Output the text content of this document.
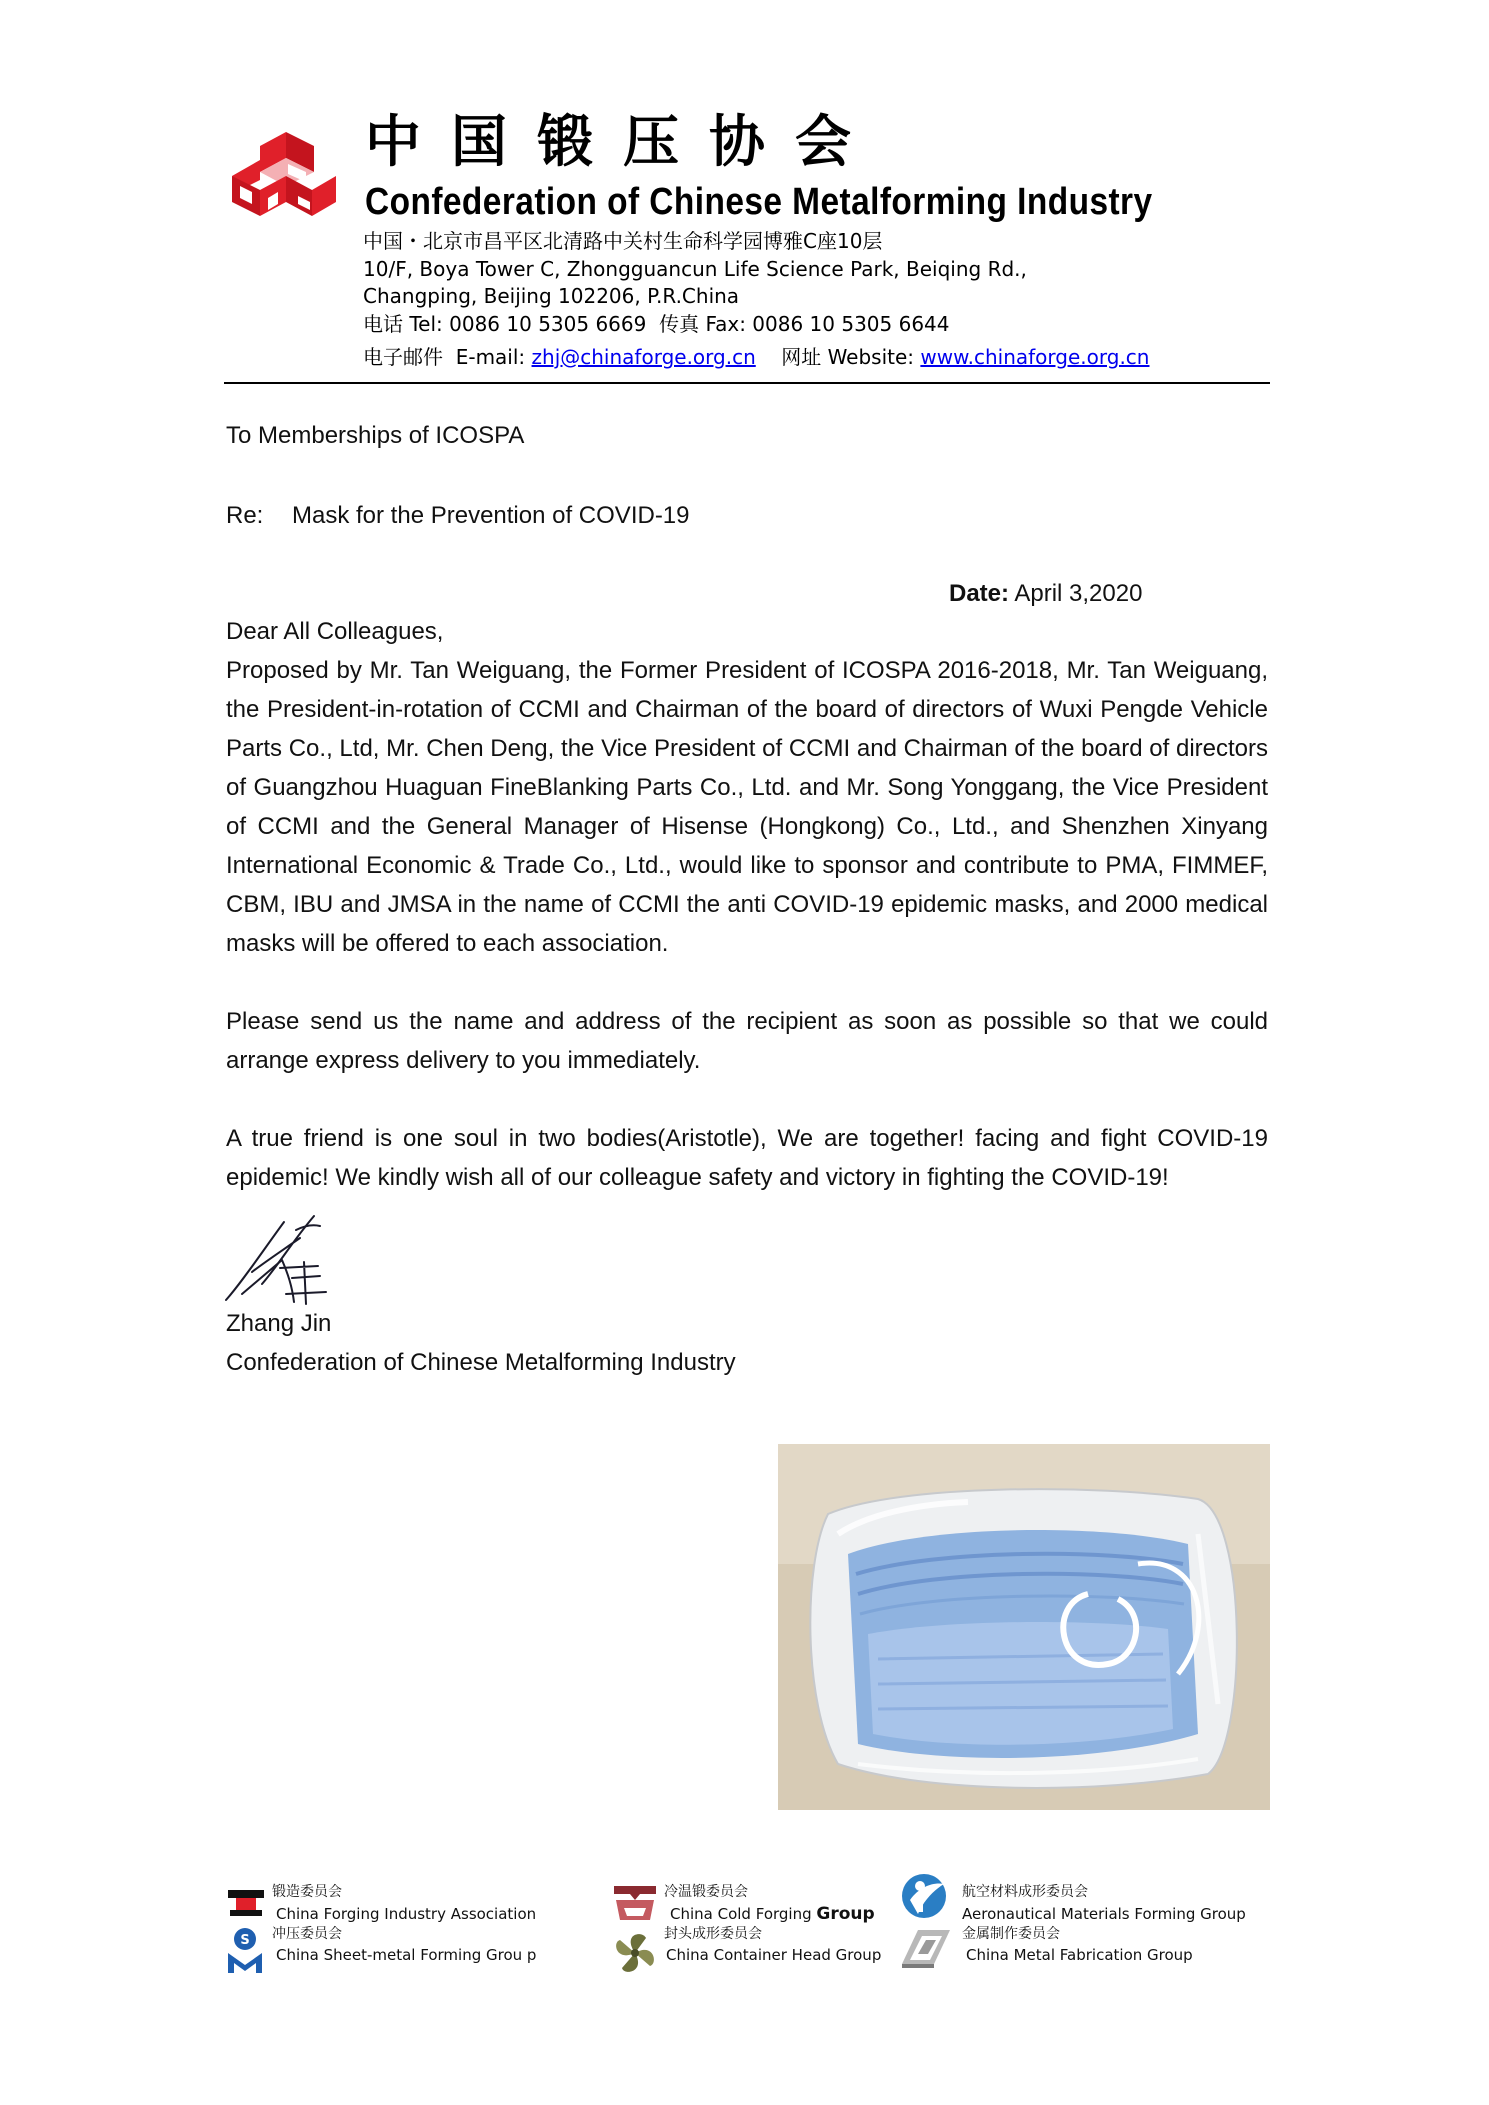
中国锻压协会
Confederation of Chinese Metalforming Industry
中国・北京市昌平区北清路中关村生命科学园博雅C座10层
10/F, Boya Tower C, Zhongguancun Life Science Park, Beiqing Rd.,
Changping, Beijing 102206, P.R.China
电话 Tel: 0086 10 5305 6669 传真 Fax: 0086 10 5305 6644
电子邮件 E-mail: zhj@chinaforge.org.cn 网址 Website: www.chinaforge.org.cn
To Memberships of ICOSPA
Re: Mask for the Prevention of COVID-19
Date: April 3,2020
Dear All Colleagues,
Proposed by Mr. Tan Weiguang, the Former President of ICOSPA 2016-2018, Mr. Tan Weiguang, the President-in-rotation of CCMI and Chairman of the board of directors of Wuxi Pengde Vehicle Parts Co., Ltd, Mr. Chen Deng, the Vice President of CCMI and Chairman of the board of directors of Guangzhou Huaguan FineBlanking Parts Co., Ltd. and Mr. Song Yonggang, the Vice President of CCMI and the General Manager of Hisense (Hongkong) Co., Ltd., and Shenzhen Xinyang International Economic & Trade Co., Ltd., would like to sponsor and contribute to PMA, FIMMEF, CBM, IBU and JMSA in the name of CCMI the anti COVID-19 epidemic masks, and 2000 medical masks will be offered to each association.
Please send us the name and address of the recipient as soon as possible so that we could arrange express delivery to you immediately.
A true friend is one soul in two bodies(Aristotle), We are together! facing and fight COVID-19 epidemic! We kindly wish all of our colleague safety and victory in fighting the COVID-19!
Zhang Jin
Confederation of Chinese Metalforming Industry
锻造委员会
China Forging Industry Association
S 冲压委员会
China Sheet-metal Forming Grou p
冷温锻委员会
China Cold Forging Group
封头成形委员会
China Container Head Group
航空材料成形委员会
Aeronautical Materials Forming Group
金属制作委员会
China Metal Fabrication Group
